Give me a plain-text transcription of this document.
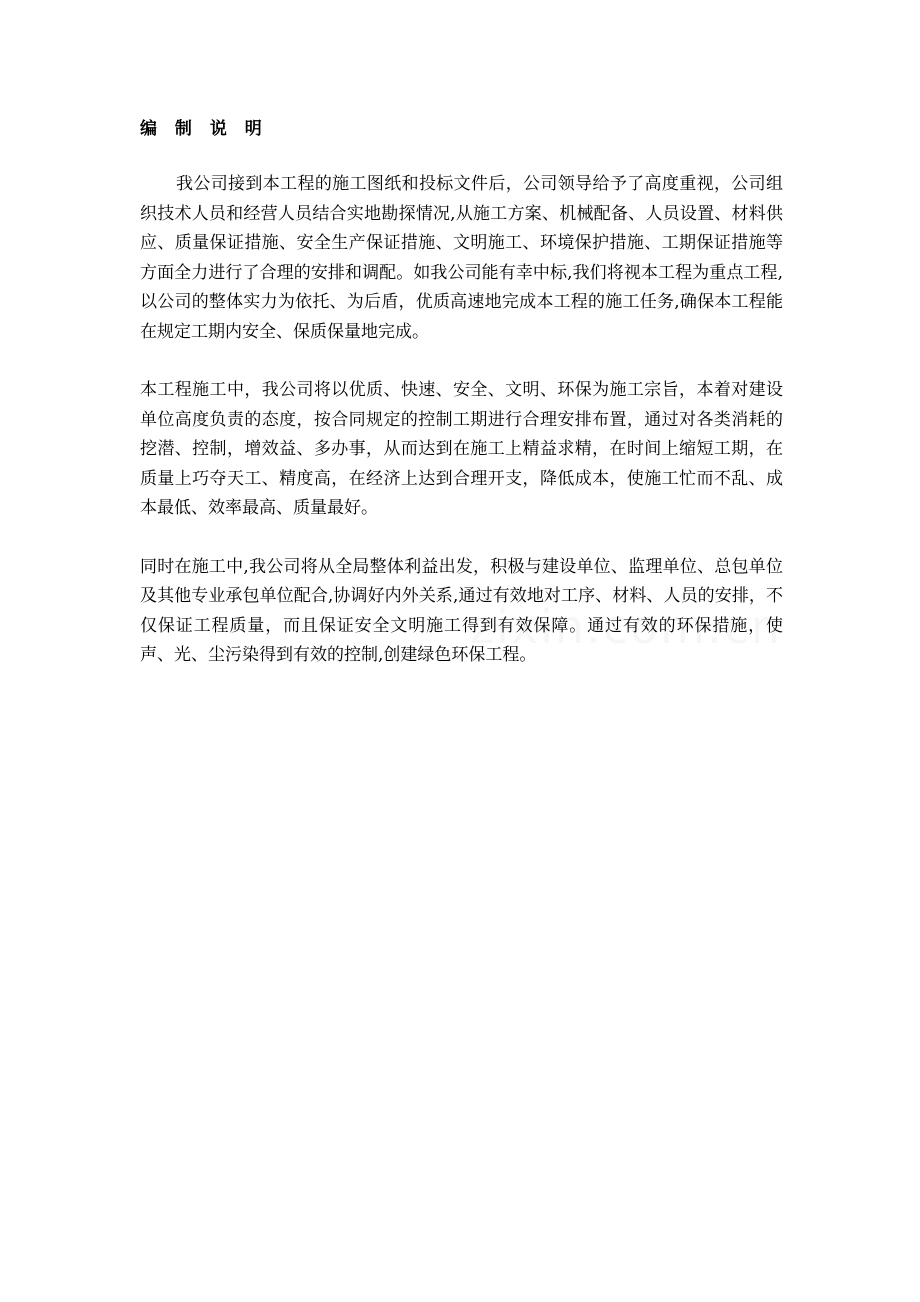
编 制 说 明

我公司接到本工程的施工图纸和投标文件后，公司领导给予了高度重视，公司组织技术人员和经营人员结合实地勘探情况,从施工方案、机械配备、人员设置、材料供应、质量保证措施、安全生产保证措施、文明施工、环境保护措施、工期保证措施等方面全力进行了合理的安排和调配。如我公司能有幸中标,我们将视本工程为重点工程,以公司的整体实力为依托、为后盾，优质高速地完成本工程的施工任务,确保本工程能在规定工期内安全、保质保量地完成。

本工程施工中，我公司将以优质、快速、安全、文明、环保为施工宗旨，本着对建设单位高度负责的态度，按合同规定的控制工期进行合理安排布置，通过对各类消耗的挖潜、控制，增效益、多办事，从而达到在施工上精益求精，在时间上缩短工期，在质量上巧夺天工、精度高，在经济上达到合理开支，降低成本，使施工忙而不乱、成本最低、效率最高、质量最好。

同时在施工中,我公司将从全局整体利益出发，积极与建设单位、监理单位、总包单位及其他专业承包单位配合,协调好内外关系,通过有效地对工序、材料、人员的安排，不仅保证工程质量，而且保证安全文明施工得到有效保障。通过有效的环保措施，使声、光、尘污染得到有效的控制,创建绿色环保工程。
